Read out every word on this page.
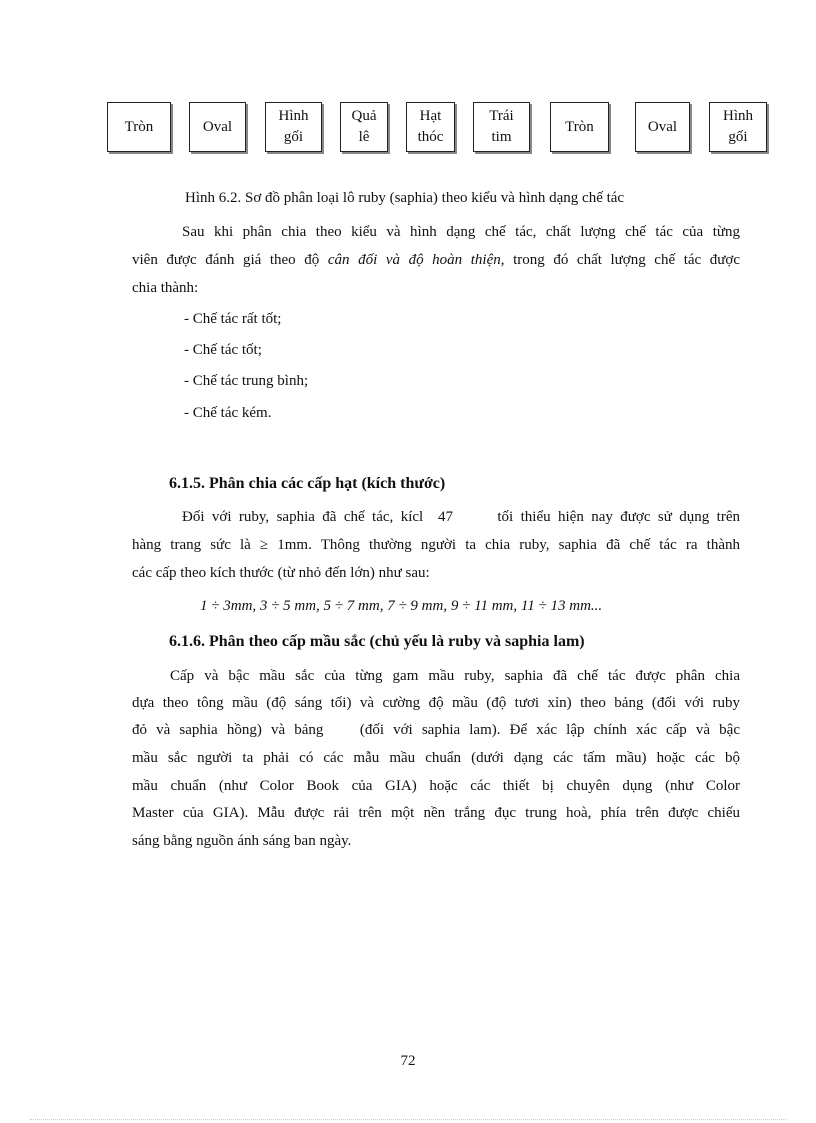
Tròn	Oval
Hình
gối
Quả
lê
Hạt
thóc
Trái
tim
Tròn	Oval
Hình
gối
Hình 6.2. Sơ đồ phân loại lô ruby (saphia) theo kiểu và hình dạng chế tác
Sau khi phân chia theo kiểu và hình dạng chế tác, chất lượng chế tác của từng
viên được đánh giá theo độ cân đối và độ hoàn thiện, trong đó chất lượng chế tác được
chia thành:
- Chế tác rất tốt;
- Chế tác tốt;
- Chế tác trung bình;
- Chế tác kém.
6.1.5. Phân chia các cấp hạt (kích thước)
Đối với ruby, saphia đã chế tác, kícl  47      tối thiểu hiện nay được sử dụng trên
hàng trang sức là ≥ 1mm. Thông thường người ta chia ruby, saphia đã chế tác ra thành
các cấp theo kích thước (từ nhỏ đến lớn) như sau:
1 ÷ 3mm, 3 ÷ 5 mm, 5 ÷ 7 mm, 7 ÷ 9 mm, 9 ÷ 11 mm, 11 ÷ 13 mm...
6.1.6. Phân theo cấp mầu sắc (chủ yếu là ruby và saphia lam)
Cấp và bậc mầu sắc của từng gam mầu ruby, saphia đã chế tác được phân chia
dựa theo tông mầu (độ sáng tối) và cường độ mầu (độ tươi xỉn) theo bảng (đối với ruby
đỏ và saphia hồng) và bảng    (đối với saphia lam). Để xác lập chính xác cấp và bậc
mầu sắc người ta phải có các mẫu mầu chuẩn (dưới dạng các tấm mầu) hoặc các bộ
mầu chuẩn (như Color Book của GIA) hoặc các thiết bị chuyên dụng (như Color
Master của GIA). Mẫu được rải trên một nền trắng đục trung hoà, phía trên được chiếu
sáng bằng nguồn ánh sáng ban ngày.
72
